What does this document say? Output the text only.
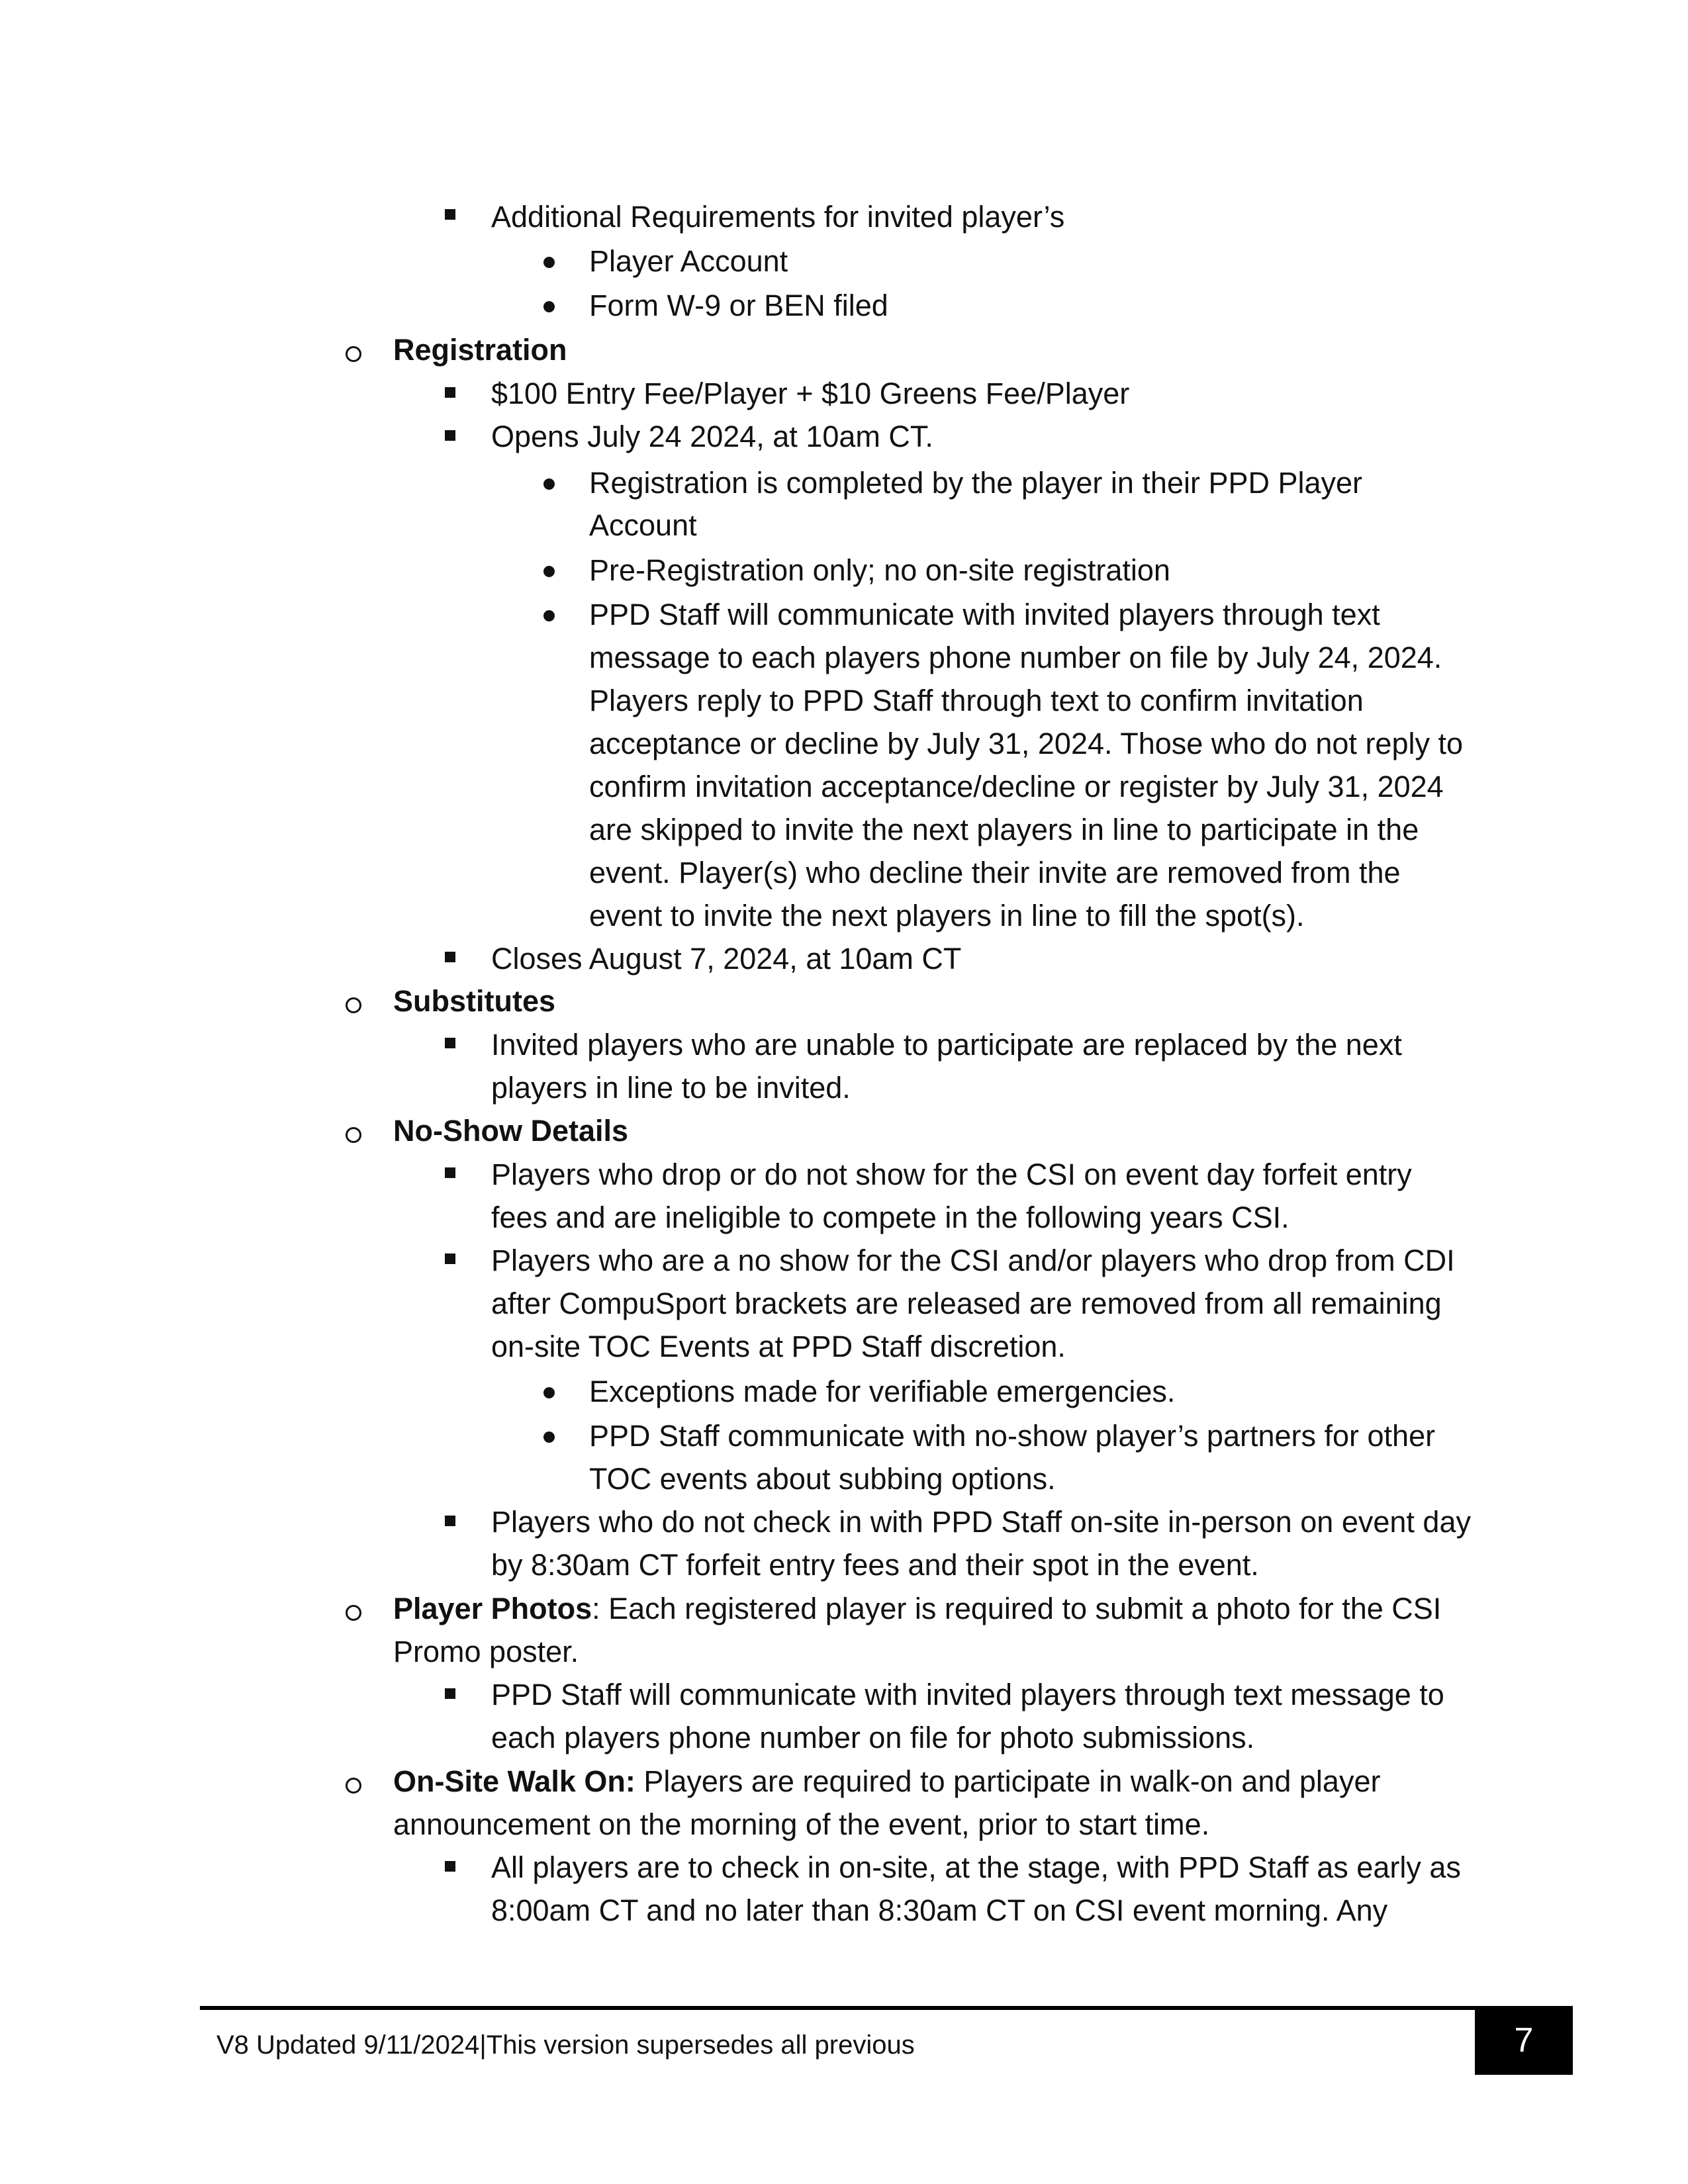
Additional Requirements for invited player’s
Player Account
Form W-9 or BEN filed
Registration
$100 Entry Fee/Player + $10 Greens Fee/Player
Opens July 24 2024, at 10am CT.
Registration is completed by the player in their PPD Player
Account
Pre-Registration only; no on-site registration
PPD Staff will communicate with invited players through text
message to each players phone number on file by July 24, 2024.
Players reply to PPD Staff through text to confirm invitation
acceptance or decline by July 31, 2024. Those who do not reply to
confirm invitation acceptance/decline or register by July 31, 2024
are skipped to invite the next players in line to participate in the
event. Player(s) who decline their invite are removed from the
event to invite the next players in line to fill the spot(s).
Closes August 7, 2024, at 10am CT
Substitutes
Invited players who are unable to participate are replaced by the next
players in line to be invited.
No-Show Details
Players who drop or do not show for the CSI on event day forfeit entry
fees and are ineligible to compete in the following years CSI.
Players who are a no show for the CSI and/or players who drop from CDI
after CompuSport brackets are released are removed from all remaining
on-site TOC Events at PPD Staff discretion.
Exceptions made for verifiable emergencies.
PPD Staff communicate with no-show player’s partners for other
TOC events about subbing options.
Players who do not check in with PPD Staff on-site in-person on event day
by 8:30am CT forfeit entry fees and their spot in the event.
Player Photos: Each registered player is required to submit a photo for the CSI
Promo poster.
PPD Staff will communicate with invited players through text message to
each players phone number on file for photo submissions.
On-Site Walk On: Players are required to participate in walk-on and player
announcement on the morning of the event, prior to start time.
All players are to check in on-site, at the stage, with PPD Staff as early as
8:00am CT and no later than 8:30am CT on CSI event morning. Any
V8 Updated 9/11/2024|This version supersedes all previous	7
